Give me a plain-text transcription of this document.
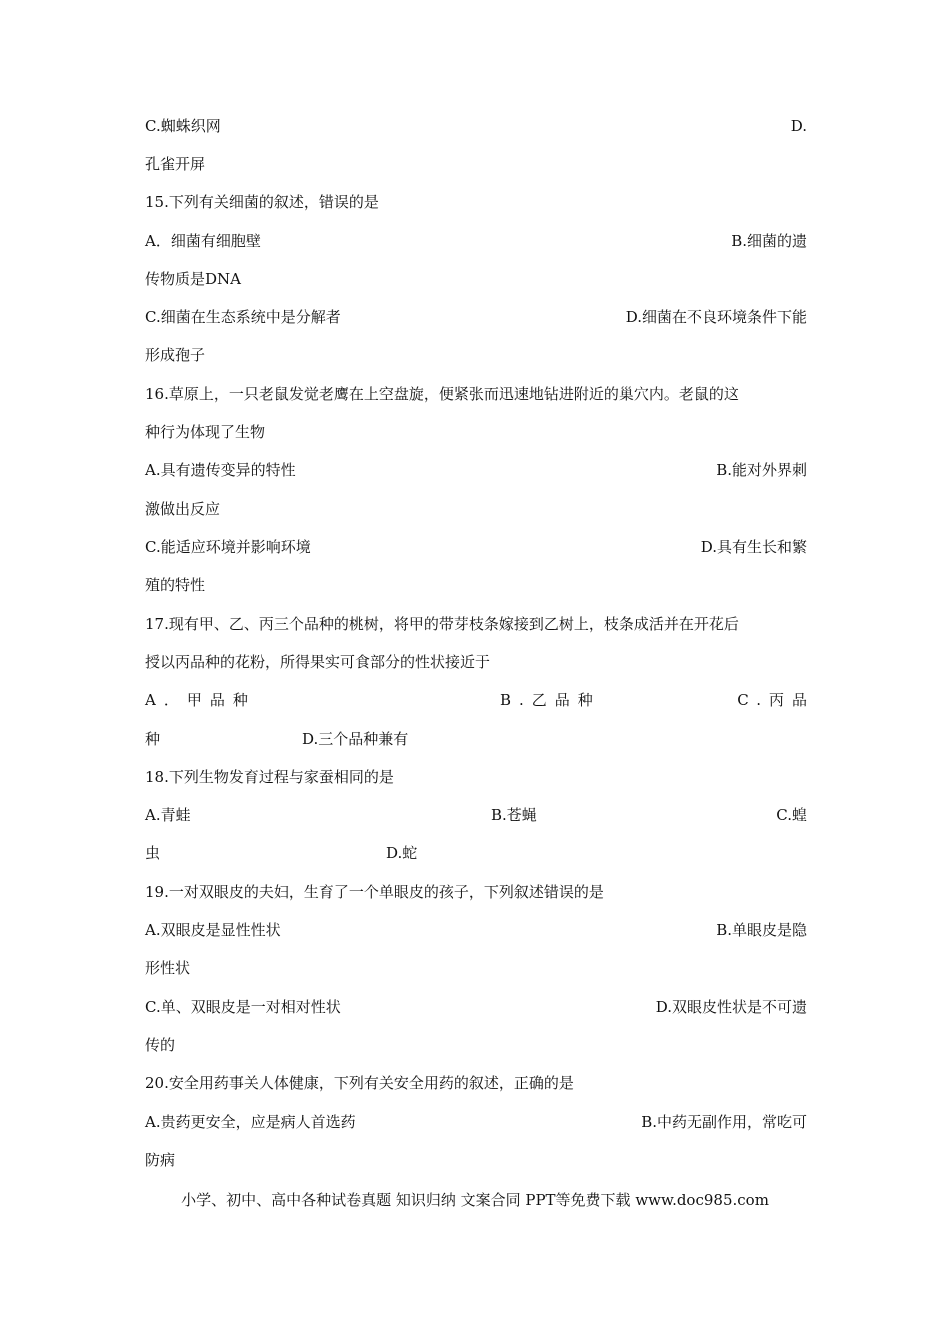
C.蜘蛛织网	D.
孔雀开屏
15.下列有关细菌的叙述，错误的是
A．细菌有细胞壁	B.细菌的遗
传物质是DNA
C.细菌在生态系统中是分解者	D.细菌在不良环境条件下能
形成孢子
16.草原上，一只老鼠发觉老鹰在上空盘旋，便紧张而迅速地钻进附近的巢穴内。老鼠的这
种行为体现了生物
A.具有遗传变异的特性	B.能对外界刺
激做出反应
C.能适应环境并影响环境	D.具有生长和繁
殖的特性
17.现有甲、乙、丙三个品种的桃树，将甲的带芽枝条嫁接到乙树上，枝条成活并在开花后
授以丙品种的花粉，所得果实可食部分的性状接近于
A．甲品种	B.乙品种	C.丙品
种	D.三个品种兼有
18.下列生物发育过程与家蚕相同的是
A.青蛙	B.苍蝇	C.蝗
虫	D.蛇
19.一对双眼皮的夫妇，生育了一个单眼皮的孩子，下列叙述错误的是
A.双眼皮是显性性状	B.单眼皮是隐
形性状
C.单、双眼皮是一对相对性状	D.双眼皮性状是不可遗
传的
20.安全用药事关人体健康，下列有关安全用药的叙述，正确的是
A.贵药更安全，应是病人首选药	B.中药无副作用，常吃可
防病
小学、初中、高中各种试卷真题 知识归纳 文案合同 PPT等免费下载 www.doc985.com
